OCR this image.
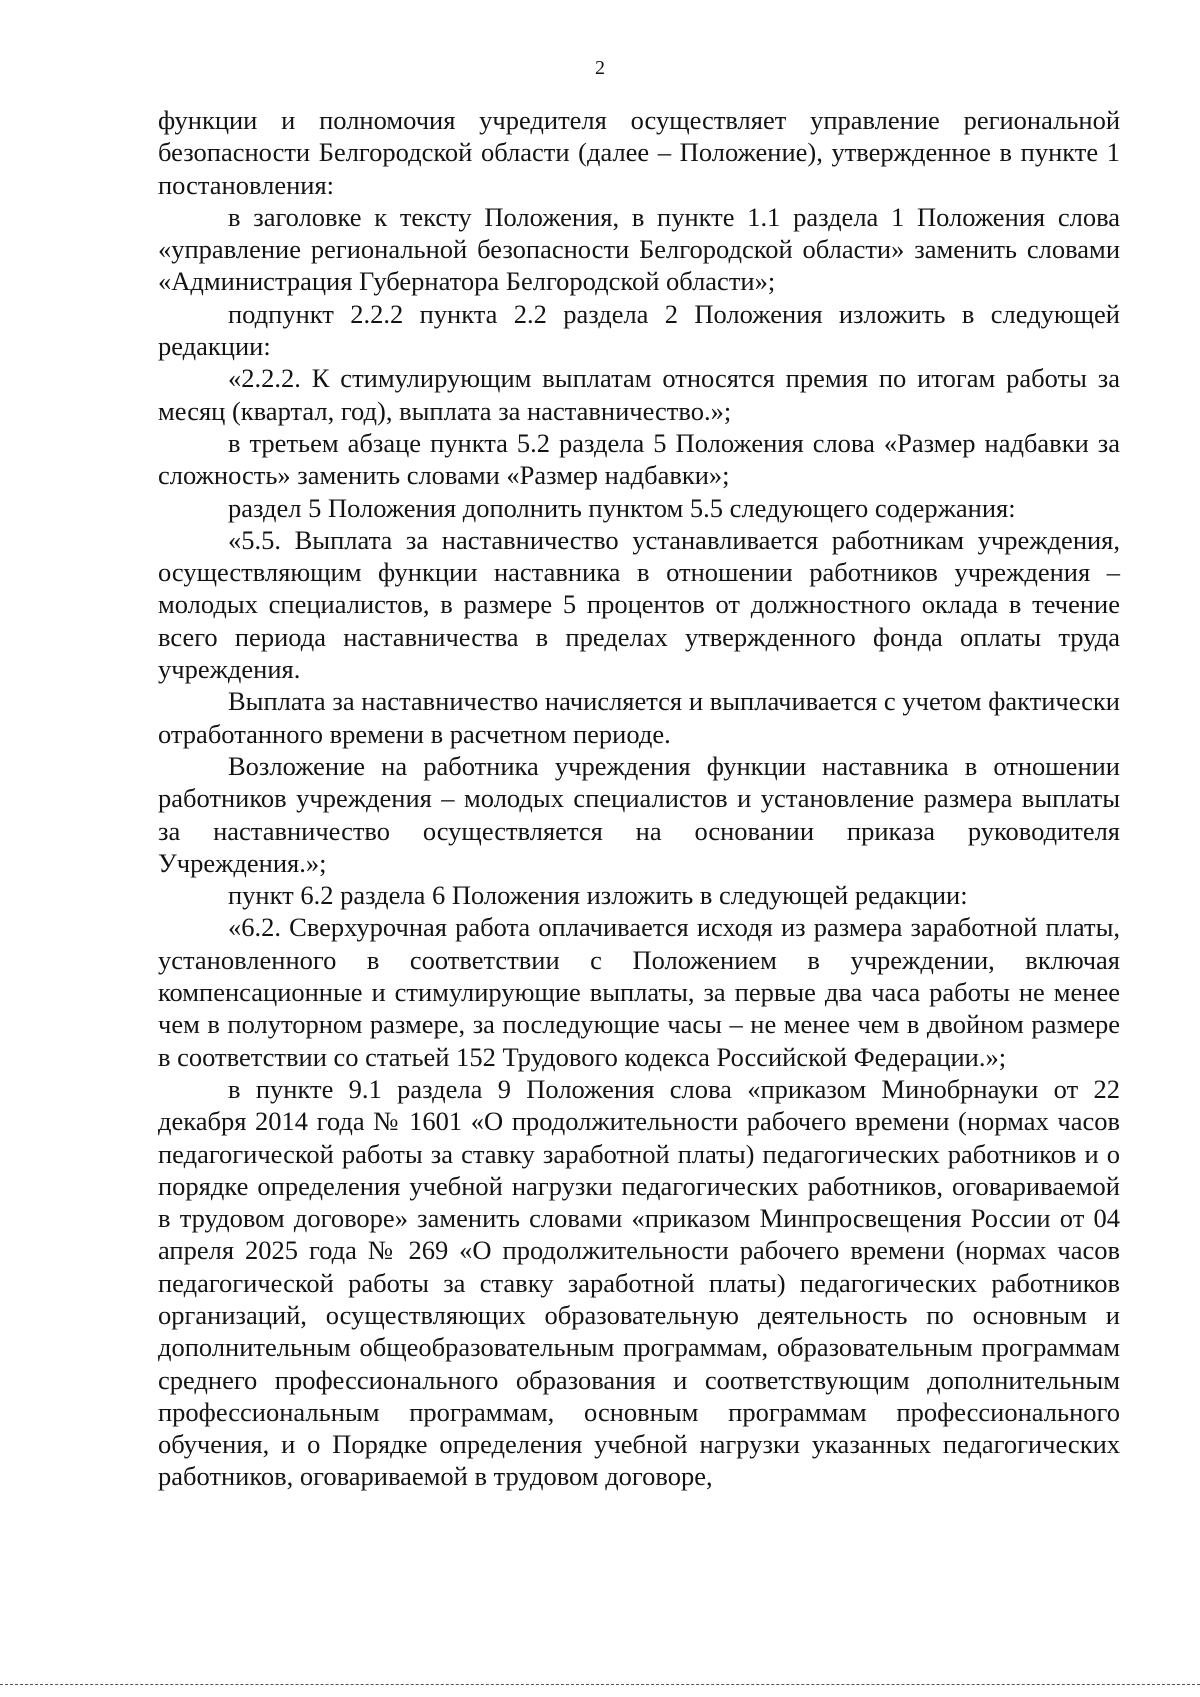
2

функции и полномочия учредителя осуществляет управление региональной безопасности Белгородской области (далее – Положение), утвержденное в пункте 1 постановления:

в заголовке к тексту Положения, в пункте 1.1 раздела 1 Положения слова «управление региональной безопасности Белгородской области» заменить словами «Администрация Губернатора Белгородской области»;

подпункт 2.2.2 пункта 2.2 раздела 2 Положения изложить в следующей редакции:

«2.2.2. К стимулирующим выплатам относятся премия по итогам работы за месяц (квартал, год), выплата за наставничество.»;

в третьем абзаце пункта 5.2 раздела 5 Положения слова «Размер надбавки за сложность» заменить словами «Размер надбавки»;

раздел 5 Положения дополнить пунктом 5.5 следующего содержания:

«5.5. Выплата за наставничество устанавливается работникам учреждения, осуществляющим функции наставника в отношении работников учреждения – молодых специалистов, в размере 5 процентов от должностного оклада в течение всего периода наставничества в пределах утвержденного фонда оплаты труда учреждения.

Выплата за наставничество начисляется и выплачивается с учетом фактически отработанного времени в расчетном периоде.

Возложение на работника учреждения функции наставника в отношении работников учреждения – молодых специалистов и установление размера выплаты за наставничество осуществляется на основании приказа руководителя Учреждения.»;

пункт 6.2 раздела 6 Положения изложить в следующей редакции:

«6.2. Сверхурочная работа оплачивается исходя из размера заработной платы, установленного в соответствии с Положением в учреждении, включая компенсационные и стимулирующие выплаты, за первые два часа работы не менее чем в полуторном размере, за последующие часы – не менее чем в двойном размере в соответствии со статьей 152 Трудового кодекса Российской Федерации.»;

в пункте 9.1 раздела 9 Положения слова «приказом Минобрнауки от 22 декабря 2014 года № 1601 «О продолжительности рабочего времени (нормах часов педагогической работы за ставку заработной платы) педагогических работников и о порядке определения учебной нагрузки педагогических работников, оговариваемой в трудовом договоре» заменить словами «приказом Минпросвещения России от 04 апреля 2025 года № 269 «О продолжительности рабочего времени (нормах часов педагогической работы за ставку заработной платы) педагогических работников организаций, осуществляющих образовательную деятельность по основным и дополнительным общеобразовательным программам, образовательным программам среднего профессионального образования и соответствующим дополнительным профессиональным программам, основным программам профессионального обучения, и о Порядке определения учебной нагрузки указанных педагогических работников, оговариваемой в трудовом договоре,
